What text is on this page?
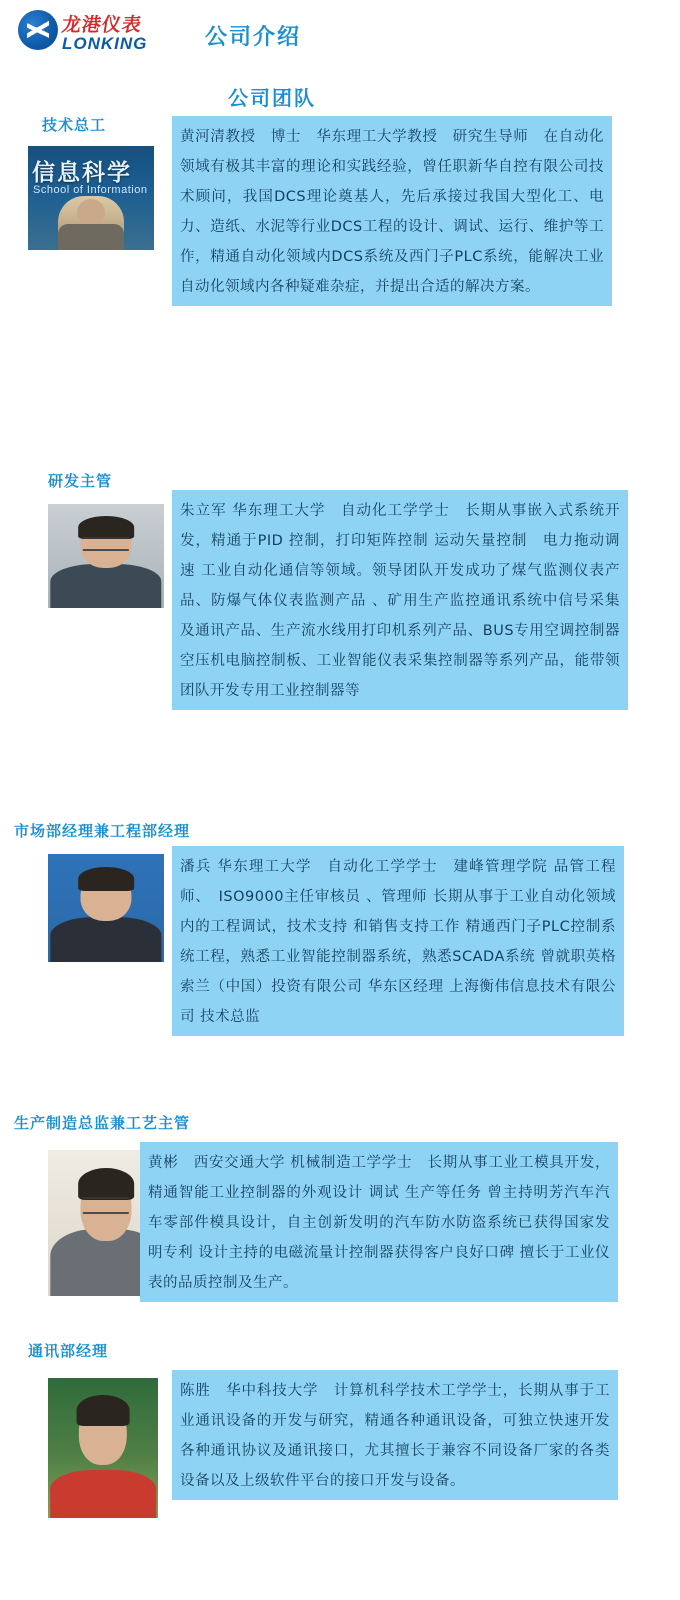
龙港仪表
LONKING	公司介绍
公司团队
技术总工
信息科学
School of Information
黄河清教授　博士　华东理工大学教授　研究生导师　在自动化领域有极其丰富的理论和实践经验，曾任职新华自控有限公司技术顾问，我国DCS理论奠基人，先后承接过我国大型化工、电力、造纸、水泥等行业DCS工程的设计、调试、运行、维护等工作，精通自动化领域内DCS系统及西门子PLC系统，能解决工业自动化领域内各种疑难杂症，并提出合适的解决方案。
研发主管
朱立军 华东理工大学　自动化工学学士　长期从事嵌入式系统开发，精通于PID 控制，打印矩阵控制 运动矢量控制　电力拖动调速 工业自动化通信等领域。领导团队开发成功了煤气监测仪表产品、防爆气体仪表监测产品 、矿用生产监控通讯系统中信号采集及通讯产品、生产流水线用打印机系列产品、BUS专用空调控制器空压机电脑控制板、工业智能仪表采集控制器等系列产品，能带领团队开发专用工业控制器等
市场部经理兼工程部经理
潘兵 华东理工大学　自动化工学学士　建峰管理学院 品管工程师、　ISO9000主任审核员 、管理师 长期从事于工业自动化领域内的工程调试，技术支持 和销售支持工作 精通西门子PLC控制系统工程，熟悉工业智能控制器系统，熟悉SCADA系统 曾就职英格索兰（中国）投资有限公司 华东区经理 上海衡伟信息技术有限公司 技术总监
生产制造总监兼工艺主管
黄彬　西安交通大学 机械制造工学学士　长期从事工业工模具开发，精通智能工业控制器的外观设计 调试 生产等任务 曾主持明芳汽车汽车零部件模具设计，自主创新发明的汽车防水防盗系统已获得国家发明专利 设计主持的电磁流量计控制器获得客户良好口碑 擅长于工业仪表的品质控制及生产。
通讯部经理
陈胜　华中科技大学　计算机科学技术工学学士，长期从事于工业通讯设备的开发与研究，精通各种通讯设备，可独立快速开发各种通讯协议及通讯接口，尤其擅长于兼容不同设备厂家的各类设备以及上级软件平台的接口开发与设备。
